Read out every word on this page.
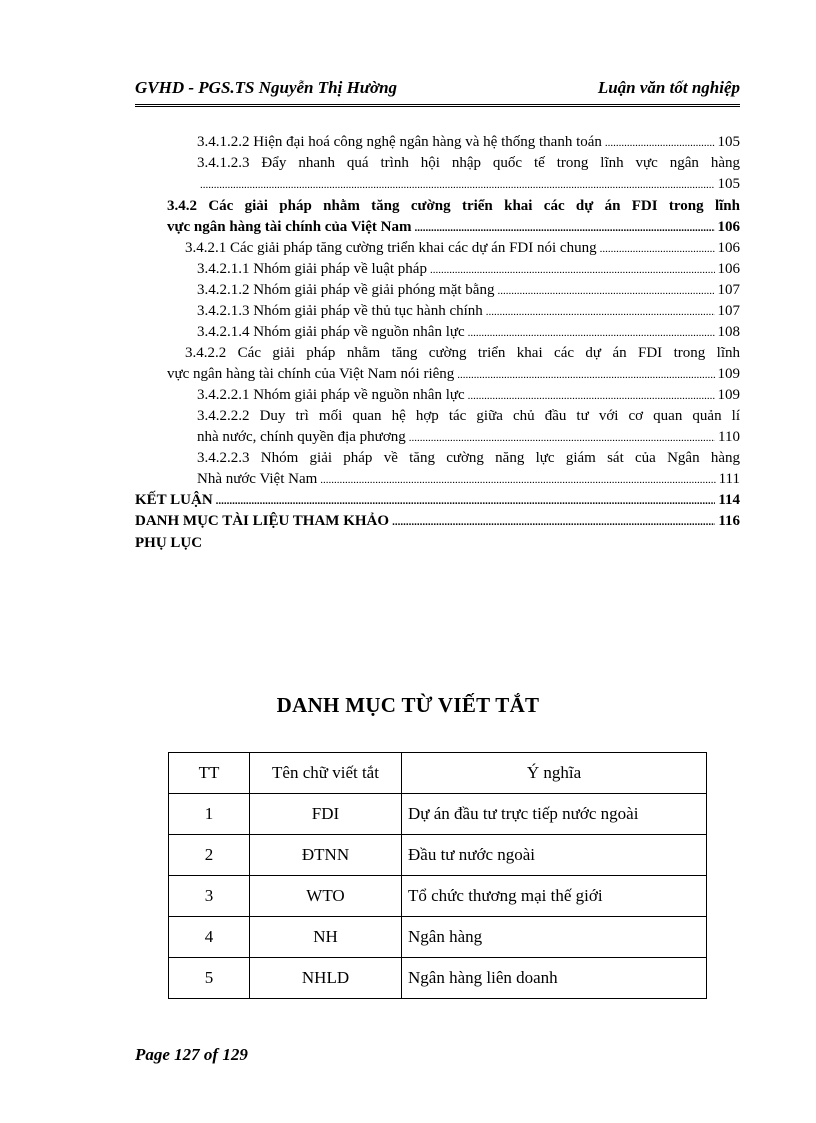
GVHD - PGS.TS Nguyễn Thị Hường	Luận văn tốt nghiệp
3.4.1.2.2 Hiện đại hoá công nghệ ngân hàng và hệ thống thanh toán .....	105
3.4.1.2.3 Đẩy nhanh quá trình hội nhập quốc tế trong lĩnh vực ngân hàng
.....
105
3.4.2 Các giải pháp nhằm tăng cường triển khai các dự án FDI trong lĩnh
vực ngân hàng tài chính của Việt Nam .....	106
3.4.2.1 Các giải pháp tăng cường triển khai các dự án FDI nói chung .....	106
3.4.2.1.1 Nhóm giải pháp về luật pháp .....	106
3.4.2.1.2 Nhóm giải pháp về giải phóng mặt bằng .....	107
3.4.2.1.3 Nhóm giải pháp về thủ tục hành chính .....	107
3.4.2.1.4 Nhóm giải pháp về nguồn nhân lực .....	108
3.4.2.2 Các giải pháp nhằm tăng cường triển khai các dự án FDI trong lĩnh
vực ngân hàng tài chính của Việt Nam nói riêng .....	109
3.4.2.2.1 Nhóm giải pháp về nguồn nhân lực .....	109
3.4.2.2.2 Duy trì mối quan hệ hợp tác giữa chủ đầu tư với cơ quan quản lí
nhà nước, chính quyền địa phương .....	110
3.4.2.2.3 Nhóm giải pháp về tăng cường năng lực giám sát của Ngân hàng
Nhà nước Việt Nam .....	111
KẾT LUẬN .....	114
DANH MỤC TÀI LIỆU THAM KHẢO .....	116
PHỤ LỤC
DANH MỤC TỪ VIẾT TẮT
TT	Tên chữ viết tắt	Ý nghĩa
1	FDI	Dự án đầu tư trực tiếp nước ngoài
2	ĐTNN	Đầu tư nước ngoài
3	WTO	Tổ chức thương mại thế giới
4	NH	Ngân hàng
5	NHLD	Ngân hàng liên doanh
Page 127 of 129
